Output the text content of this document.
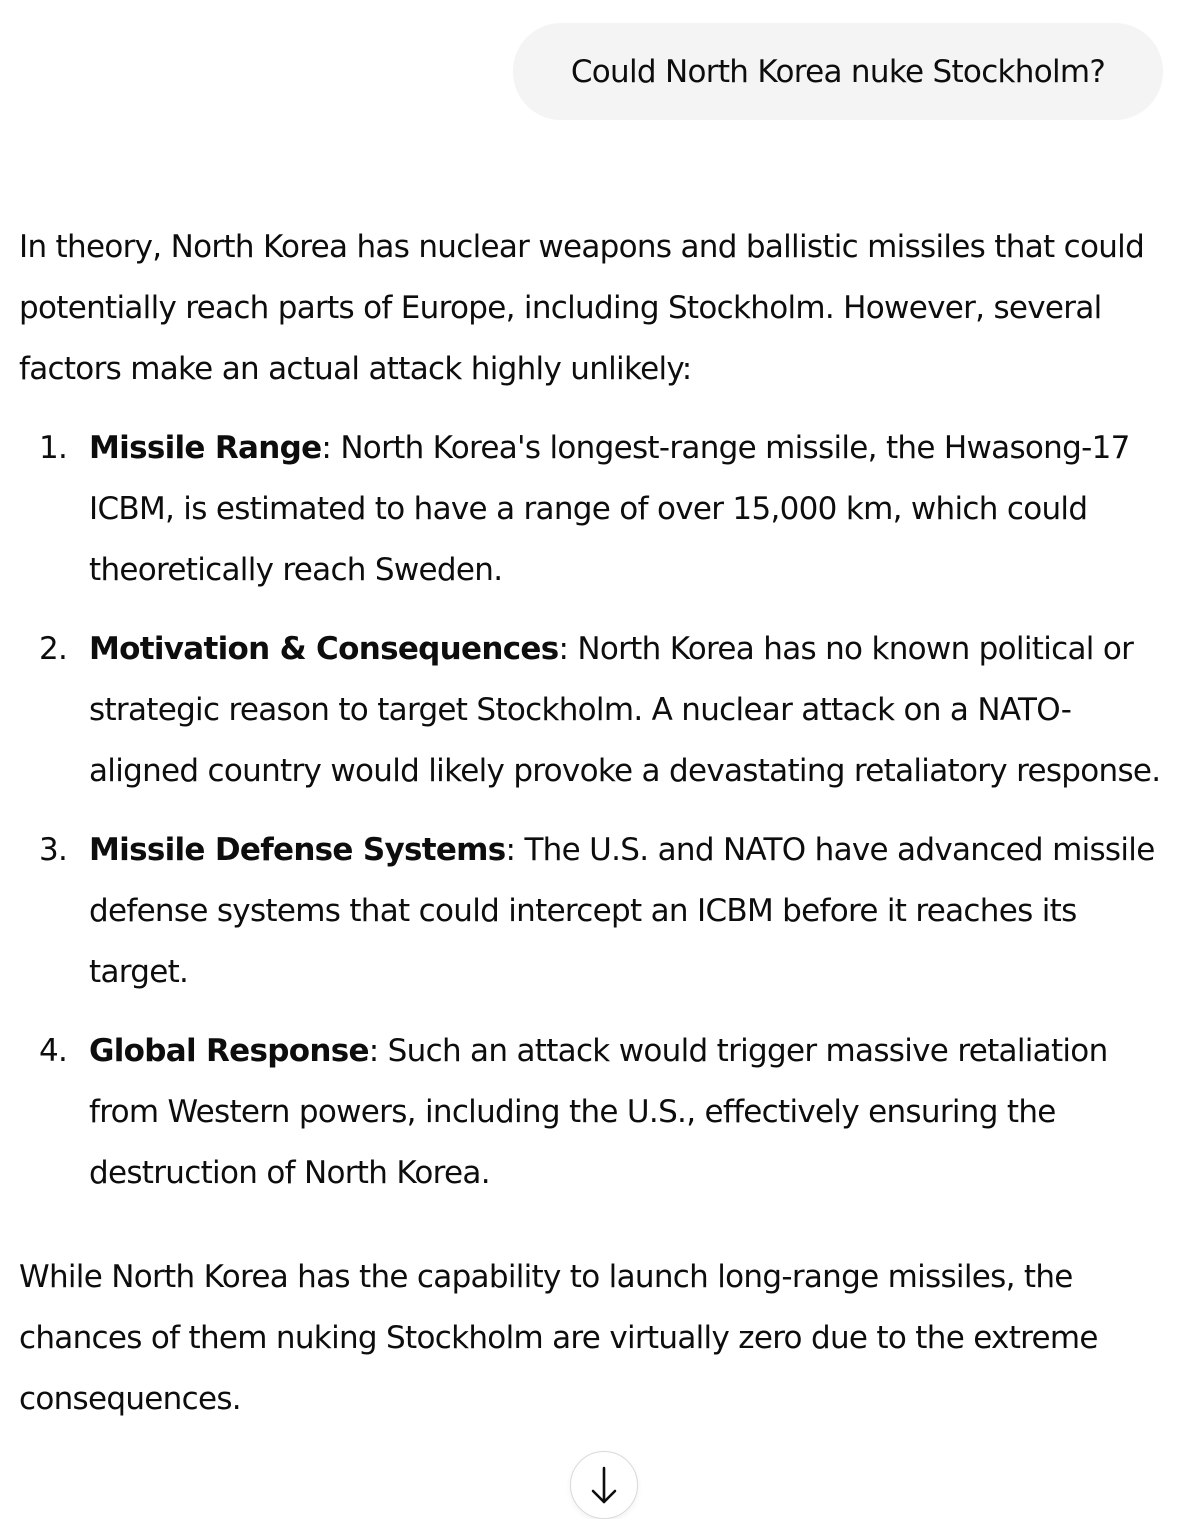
Could North Korea nuke Stockholm?

In theory, North Korea has nuclear weapons and ballistic missiles that could potentially reach parts of Europe, including Stockholm. However, several factors make an actual attack highly unlikely:

1. Missile Range: North Korea's longest-range missile, the Hwasong-17 ICBM, is estimated to have a range of over 15,000 km, which could theoretically reach Sweden.
2. Motivation & Consequences: North Korea has no known political or strategic reason to target Stockholm. A nuclear attack on a NATO-aligned country would likely provoke a devastating retaliatory response.
3. Missile Defense Systems: The U.S. and NATO have advanced missile defense systems that could intercept an ICBM before it reaches its target.
4. Global Response: Such an attack would trigger massive retaliation from Western powers, including the U.S., effectively ensuring the destruction of North Korea.

While North Korea has the capability to launch long-range missiles, the chances of them nuking Stockholm are virtually zero due to the extreme consequences.
